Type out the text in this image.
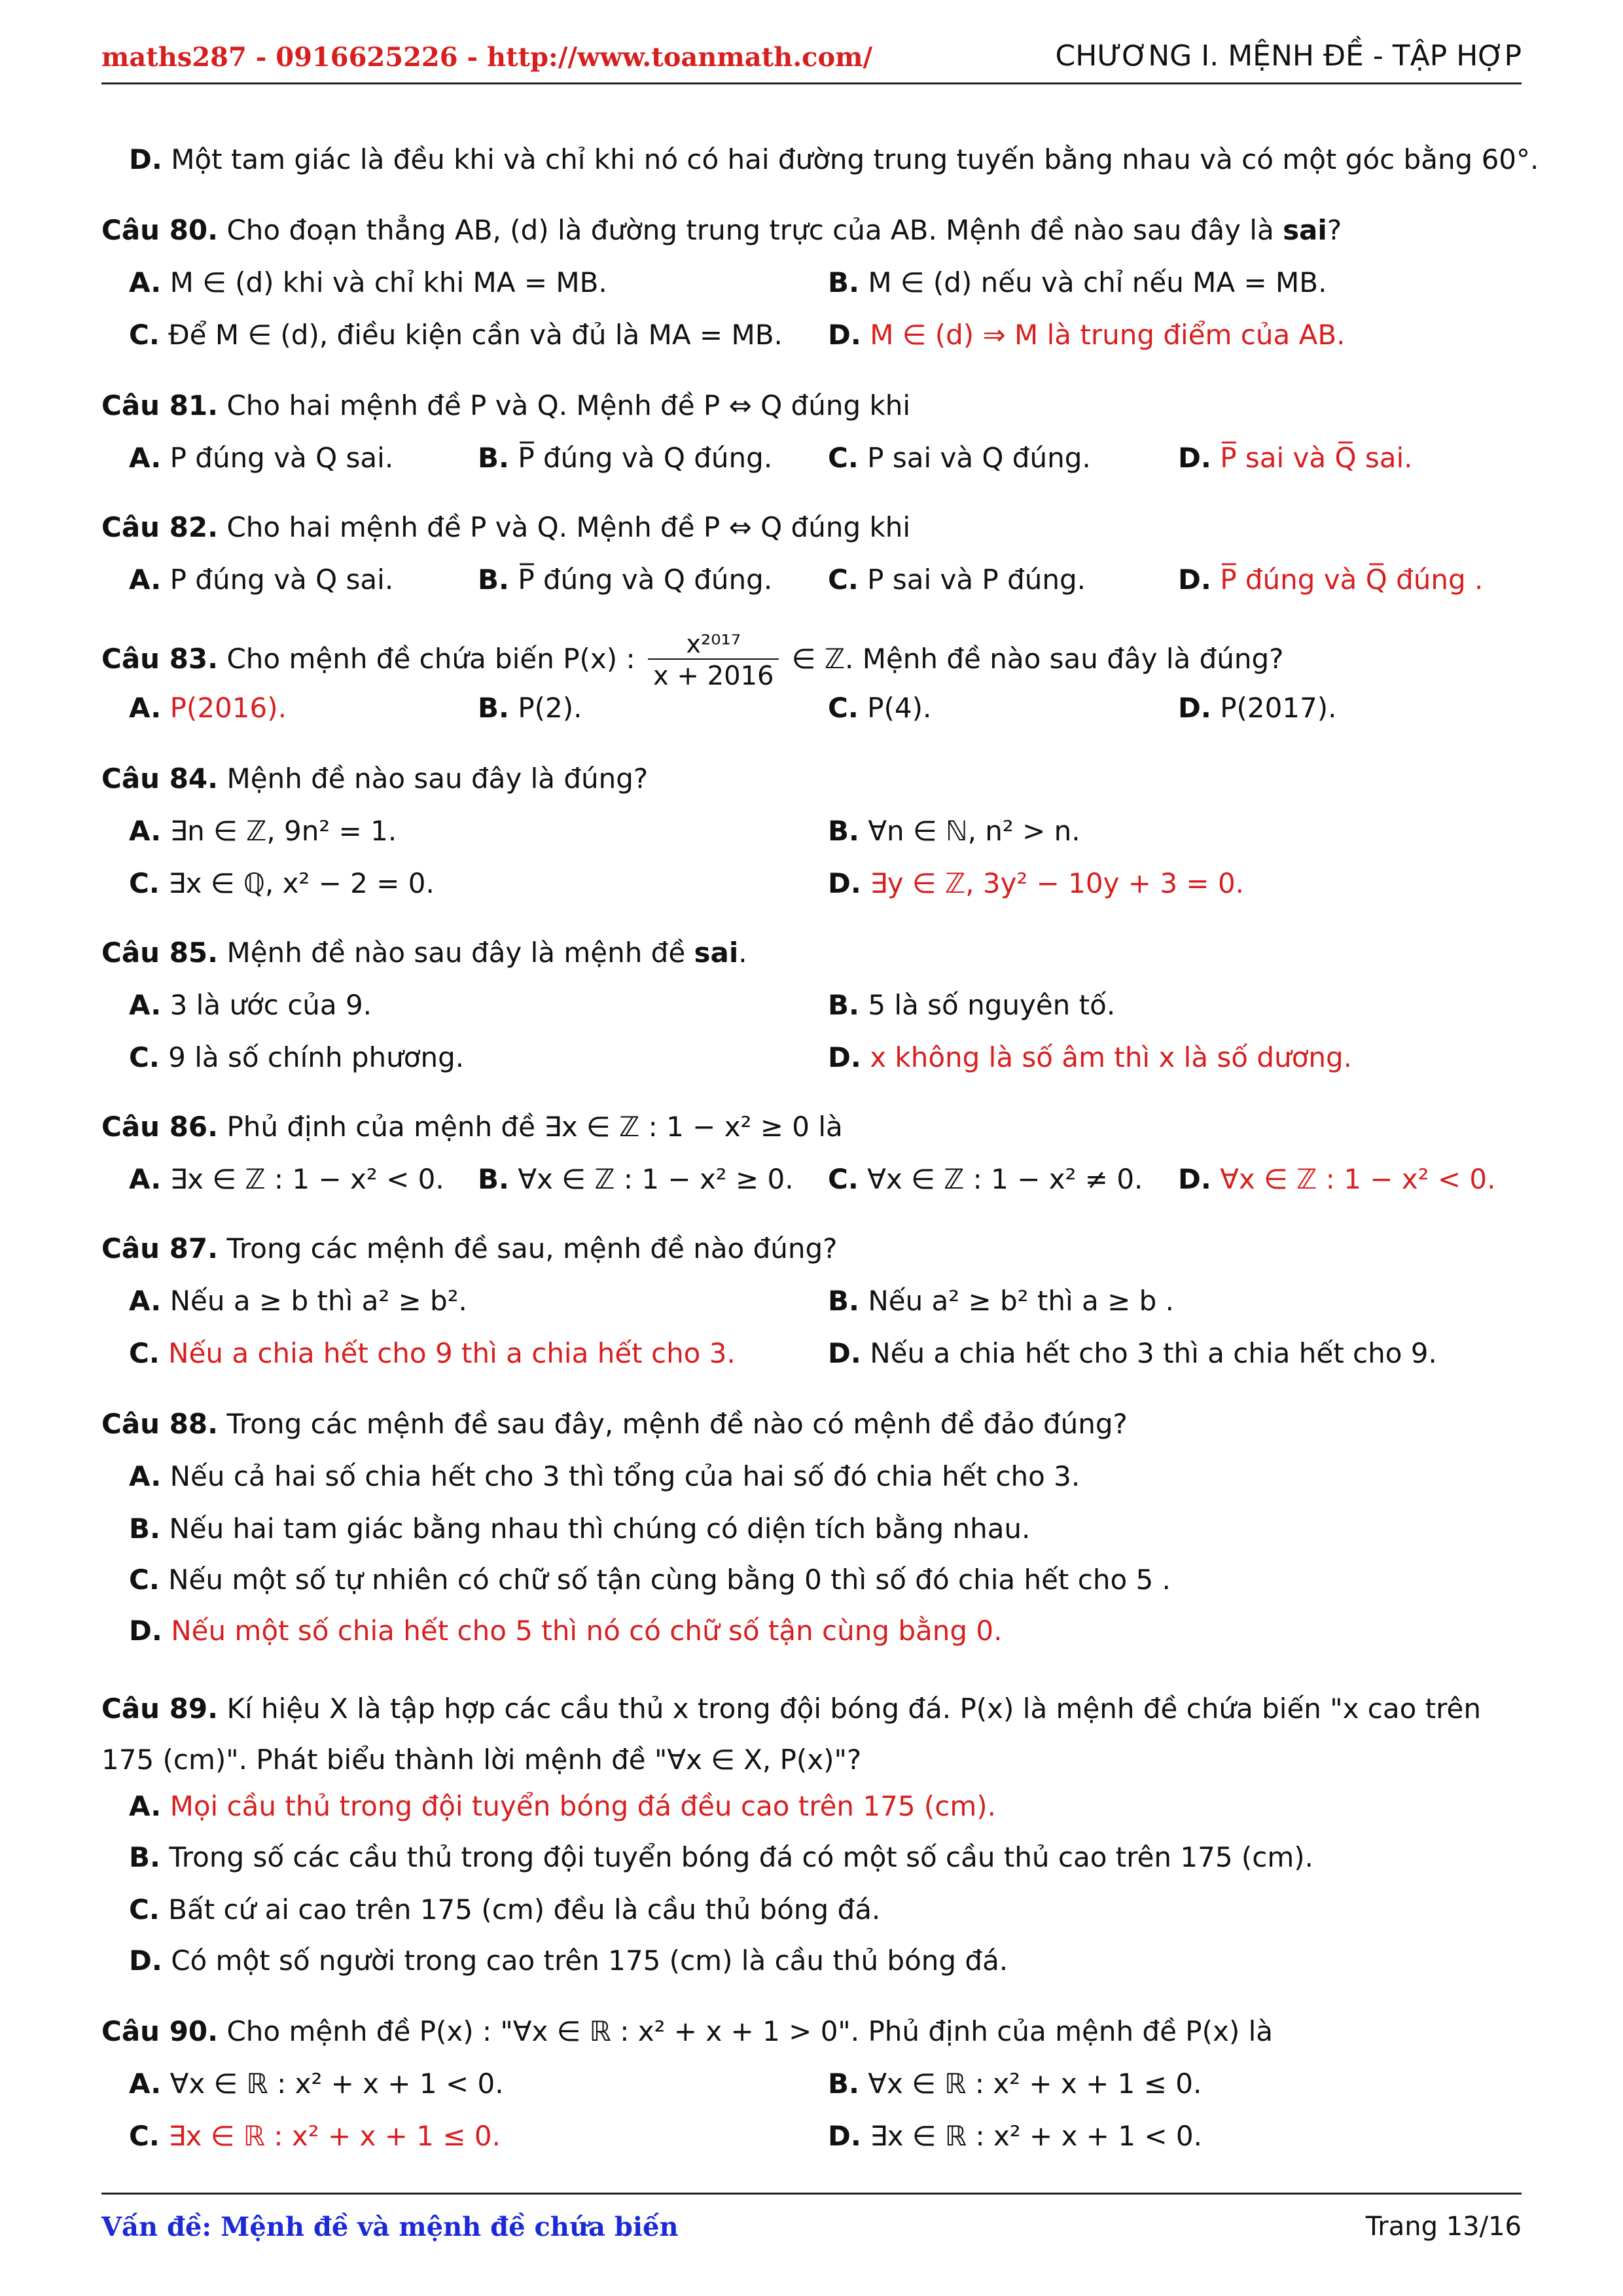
maths287 - 0916625226 - http://www.toanmath.com/	CHƯƠNG I. MỆNH ĐỀ - TẬP HỢP
D. Một tam giác là đều khi và chỉ khi nó có hai đường trung tuyến bằng nhau và có một góc bằng 60°.
Câu 80. Cho đoạn thẳng AB, (d) là đường trung trực của AB. Mệnh đề nào sau đây là sai?
A. M ∈ (d) khi và chỉ khi MA = MB.	B. M ∈ (d) nếu và chỉ nếu MA = MB.
C. Để M ∈ (d), điều kiện cần và đủ là MA = MB. D. M ∈ (d) ⇒ M là trung điểm của AB.
Câu 81. Cho hai mệnh đề P và Q. Mệnh đề P ⇔ Q đúng khi
A. P đúng và Q sai.	B. P̅ đúng và Q đúng. C. P sai và Q đúng.	D. P̅ sai và Q̅ sai.
Câu 82. Cho hai mệnh đề P và Q. Mệnh đề P ⇔ Q đúng khi
A. P đúng và Q sai.	B. P̅ đúng và Q đúng. C. P sai và P đúng.	D. P̅ đúng và Q̅ đúng .
Câu 83. Cho mệnh đề chứa biến P(x) : $\frac{\text{x²⁰¹⁷}}{x + 2016}$ ∈ ℤ. Mệnh đề nào sau đây là đúng?
A. P(2016).	B. P(2).	C. P(4).	D. P(2017).
Câu 84. Mệnh đề nào sau đây là đúng?
A. ∃n ∈ ℤ, 9n² = 1.	B. ∀n ∈ ℕ, n² > n.
C. ∃x ∈ ℚ, x² − 2 = 0.	D. ∃y ∈ ℤ, 3y² − 10y + 3 = 0.
Câu 85. Mệnh đề nào sau đây là mệnh đề sai.
A. 3 là ước của 9.	B. 5 là số nguyên tố.
C. 9 là số chính phương.	D. x không là số âm thì x là số dương.
Câu 86. Phủ định của mệnh đề ∃x ∈ ℤ : 1 − x² ≥ 0 là
A. ∃x ∈ ℤ : 1 − x² < 0. B. ∀x ∈ ℤ : 1 − x² ≥ 0. C. ∀x ∈ ℤ : 1 − x² ≠ 0. D. ∀x ∈ ℤ : 1 − x² < 0.
Câu 87. Trong các mệnh đề sau, mệnh đề nào đúng?
A. Nếu a ≥ b thì a² ≥ b².	B. Nếu a² ≥ b² thì a ≥ b .
C. Nếu a chia hết cho 9 thì a chia hết cho 3.	D. Nếu a chia hết cho 3 thì a chia hết cho 9.
Câu 88. Trong các mệnh đề sau đây, mệnh đề nào có mệnh đề đảo đúng?
A. Nếu cả hai số chia hết cho 3 thì tổng của hai số đó chia hết cho 3.
B. Nếu hai tam giác bằng nhau thì chúng có diện tích bằng nhau.
C. Nếu một số tự nhiên có chữ số tận cùng bằng 0 thì số đó chia hết cho 5 .
D. Nếu một số chia hết cho 5 thì nó có chữ số tận cùng bằng 0.
Câu 89. Kí hiệu X là tập hợp các cầu thủ x trong đội bóng đá. P(x) là mệnh đề chứa biến "x cao trên 175 (cm)". Phát biểu thành lời mệnh đề "∀x ∈ X, P(x)"?
A. Mọi cầu thủ trong đội tuyển bóng đá đều cao trên 175 (cm).
B. Trong số các cầu thủ trong đội tuyển bóng đá có một số cầu thủ cao trên 175 (cm).
C. Bất cứ ai cao trên 175 (cm) đều là cầu thủ bóng đá.
D. Có một số người trong cao trên 175 (cm) là cầu thủ bóng đá.
Câu 90. Cho mệnh đề P(x) : "∀x ∈ ℝ : x² + x + 1 > 0". Phủ định của mệnh đề P(x) là
A. ∀x ∈ ℝ : x² + x + 1 < 0.	B. ∀x ∈ ℝ : x² + x + 1 ≤ 0.
C. ∃x ∈ ℝ : x² + x + 1 ≤ 0.	D. ∃x ∈ ℝ : x² + x + 1 < 0.
Vấn đề: Mệnh đề và mệnh đề chứa biến	Trang 13/16
